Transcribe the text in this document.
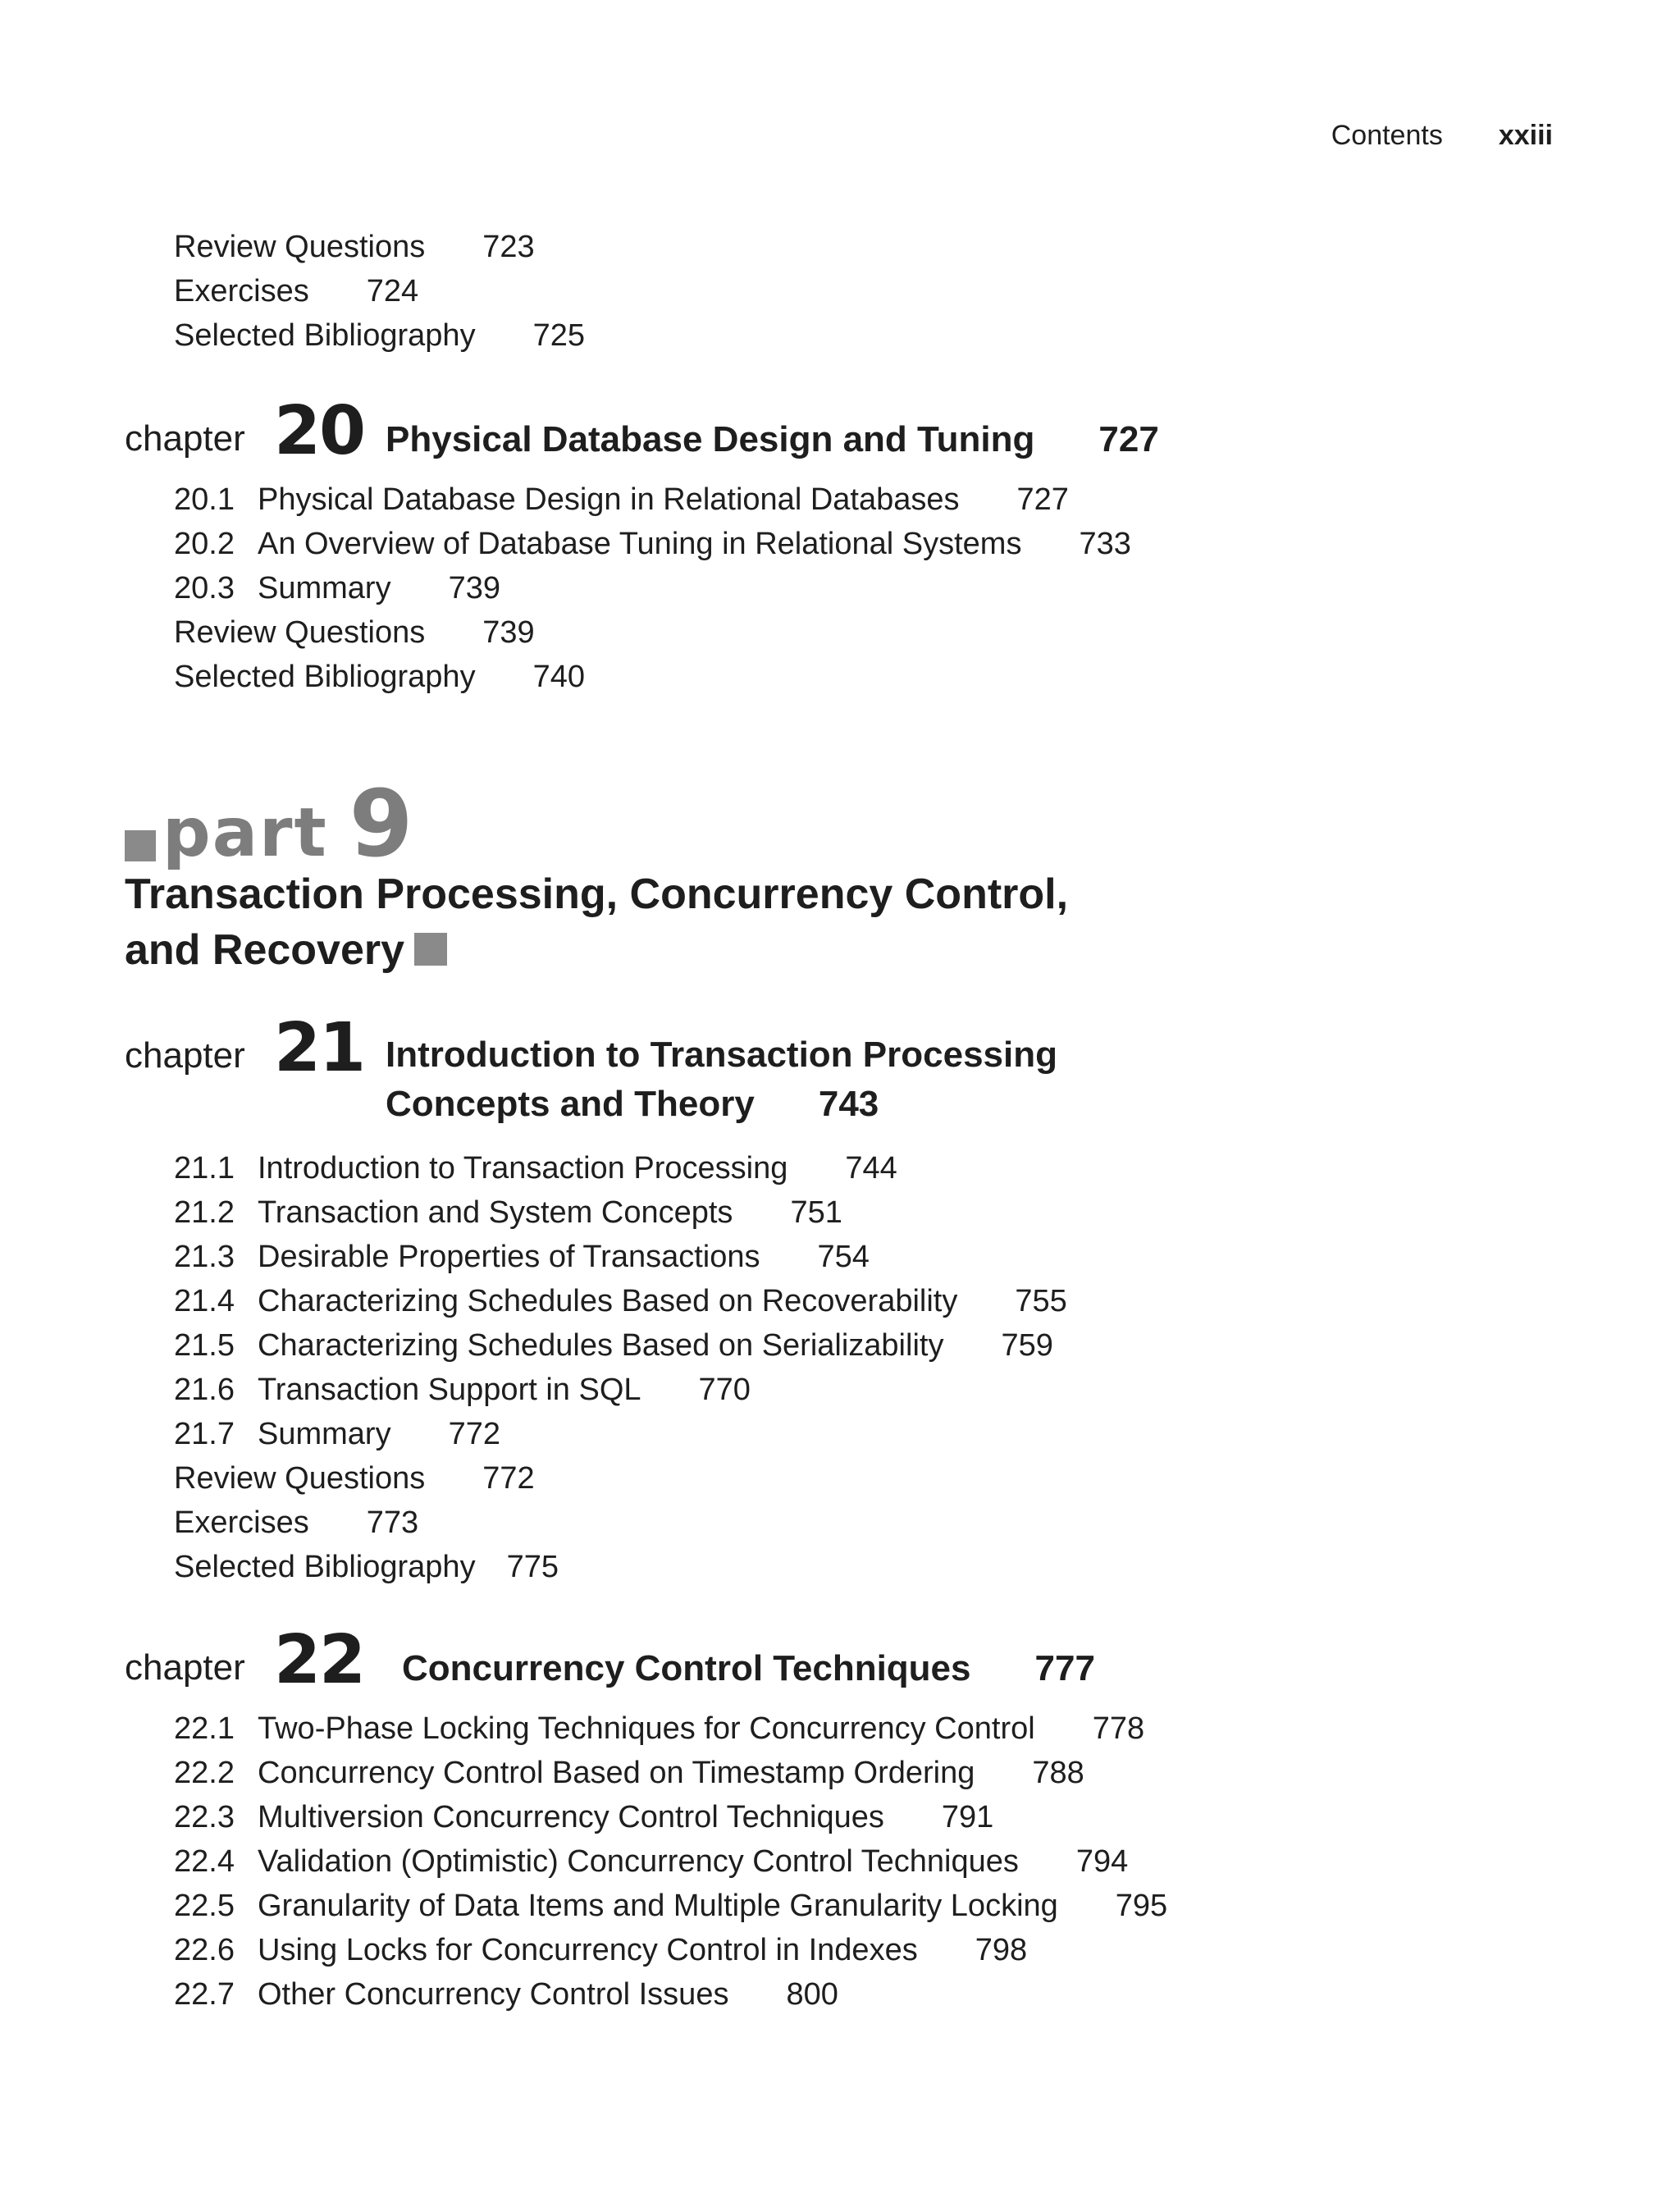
Contents xxiii
Review Questions 723
Exercises 724
Selected Bibliography 725
chapter 20 Physical Database Design and Tuning 727
20.1 Physical Database Design in Relational Databases 727
20.2 An Overview of Database Tuning in Relational Systems 733
20.3 Summary 739
Review Questions 739
Selected Bibliography 740
part 9
Transaction Processing, Concurrency Control,
and Recovery
chapter 21 Introduction to Transaction Processing
Concepts and Theory 743
21.1 Introduction to Transaction Processing 744
21.2 Transaction and System Concepts 751
21.3 Desirable Properties of Transactions 754
21.4 Characterizing Schedules Based on Recoverability 755
21.5 Characterizing Schedules Based on Serializability 759
21.6 Transaction Support in SQL 770
21.7 Summary 772
Review Questions 772
Exercises 773
Selected Bibliography 775
chapter 22 Concurrency Control Techniques 777
22.1 Two-Phase Locking Techniques for Concurrency Control 778
22.2 Concurrency Control Based on Timestamp Ordering 788
22.3 Multiversion Concurrency Control Techniques 791
22.4 Validation (Optimistic) Concurrency Control Techniques 794
22.5 Granularity of Data Items and Multiple Granularity Locking 795
22.6 Using Locks for Concurrency Control in Indexes 798
22.7 Other Concurrency Control Issues 800
